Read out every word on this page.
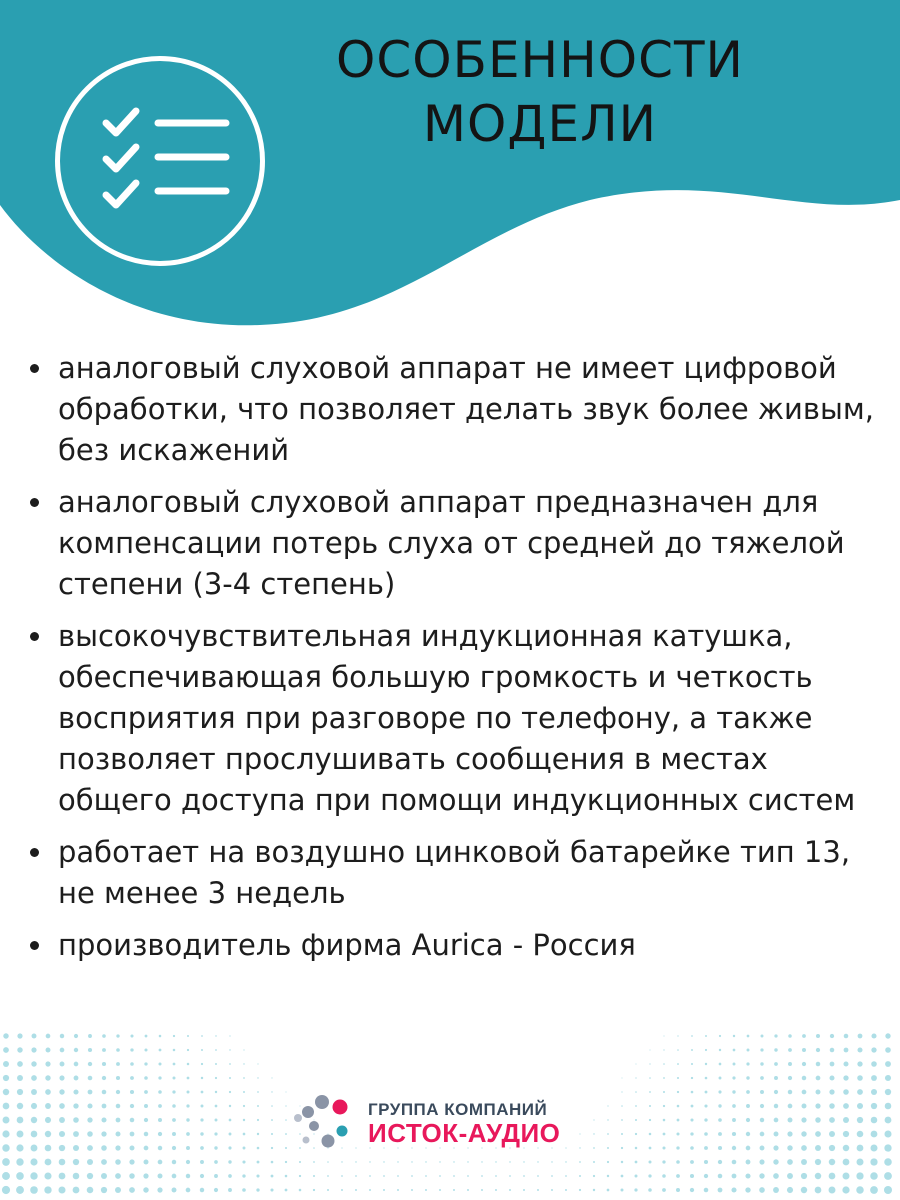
ОСОБЕННОСТИ
МОДЕЛИ
аналоговый слуховой аппарат не имеет цифровой обработки, что позволяет делать звук более живым, без искажений
аналоговый слуховой аппарат предназначен для компенсации потерь слуха от средней до тяжелой степени (3-4 степень)
высокочувствительная индукционная катушка, обеспечивающая большую громкость и четкость восприятия при разговоре по телефону, а также позволяет прослушивать сообщения в местах общего доступа при помощи индукционных систем
работает на воздушно цинковой батарейке тип 13, не менее 3 недель
производитель фирма Aurica - Россия
ГРУППА КОМПАНИЙ
ИСТОК-АУДИО
